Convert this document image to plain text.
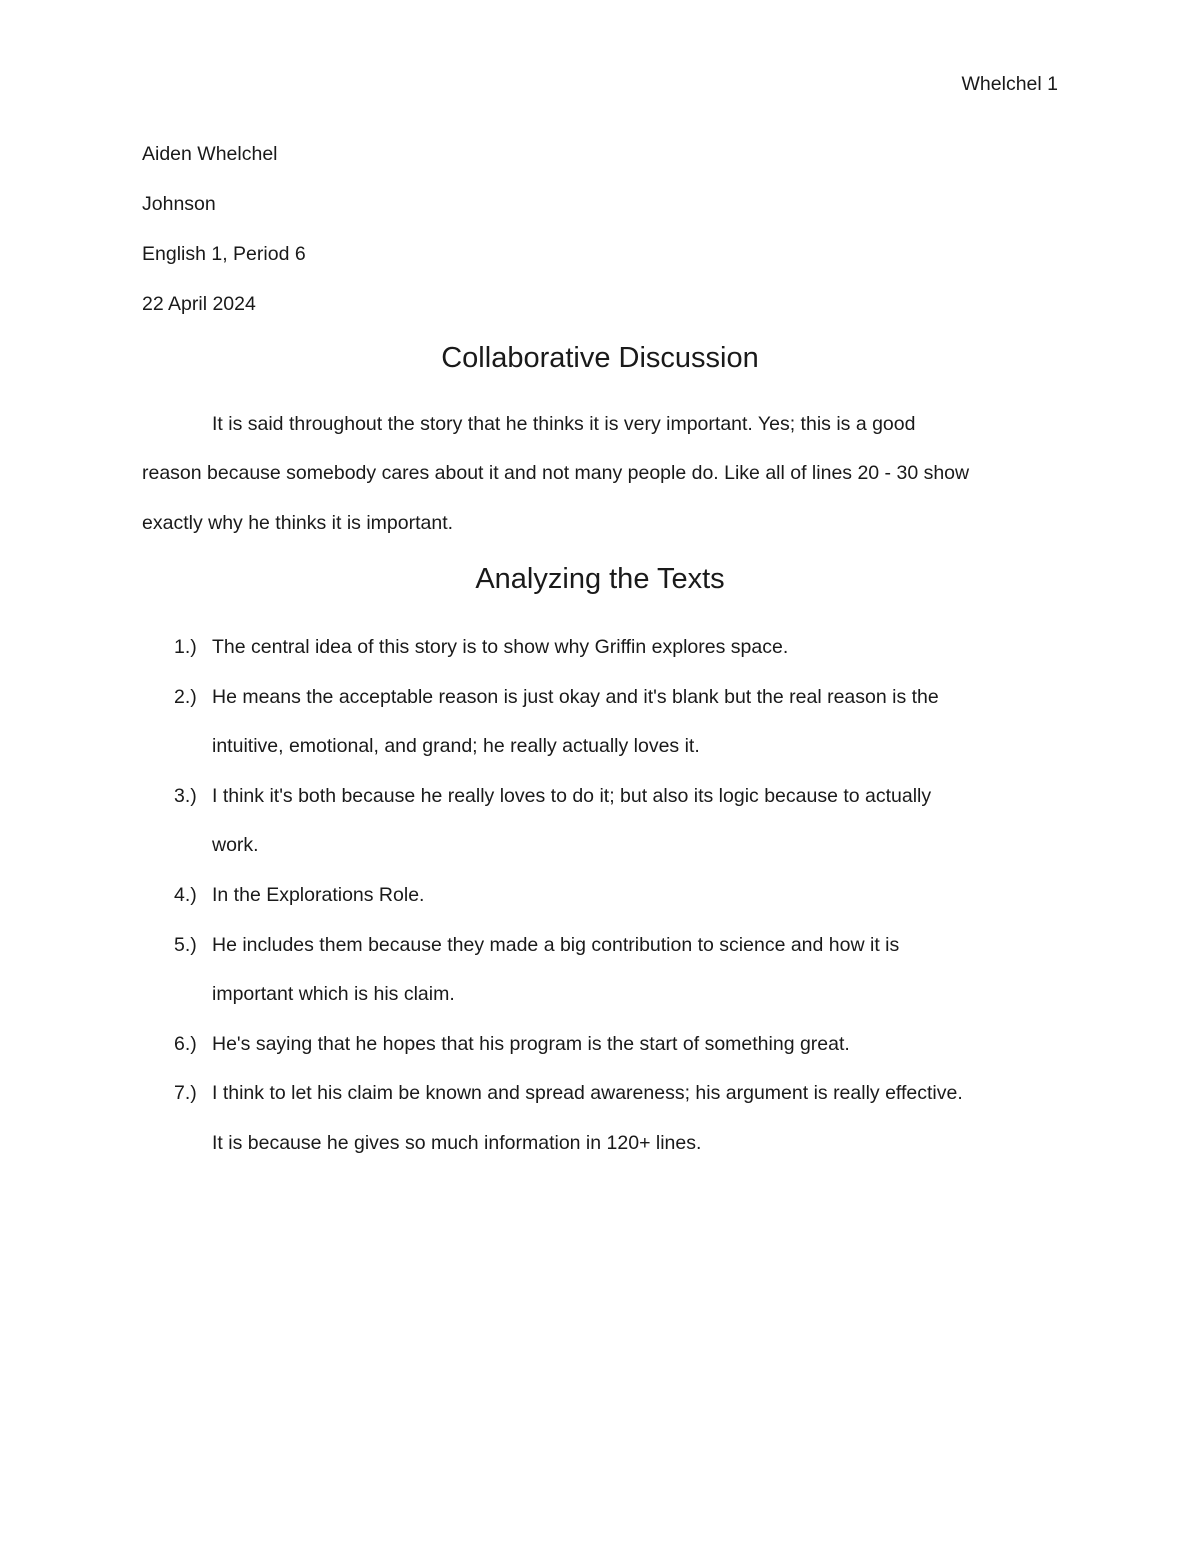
Whelchel 1
Aiden Whelchel
Johnson
English 1, Period 6
22 April 2024
Collaborative Discussion
It is said throughout the story that he thinks it is very important. Yes; this is a good
reason because somebody cares about it and not many people do. Like all of lines 20 - 30 show
exactly why he thinks it is important.
Analyzing the Texts
1.) The central idea of this story is to show why Griffin explores space.
2.) He means the acceptable reason is just okay and it's blank but the real reason is the
intuitive, emotional, and grand; he really actually loves it.
3.) I think it's both because he really loves to do it; but also its logic because to actually
work.
4.) In the Explorations Role.
5.) He includes them because they made a big contribution to science and how it is
important which is his claim.
6.) He's saying that he hopes that his program is the start of something great.
7.) I think to let his claim be known and spread awareness; his argument is really effective.
It is because he gives so much information in 120+ lines.
